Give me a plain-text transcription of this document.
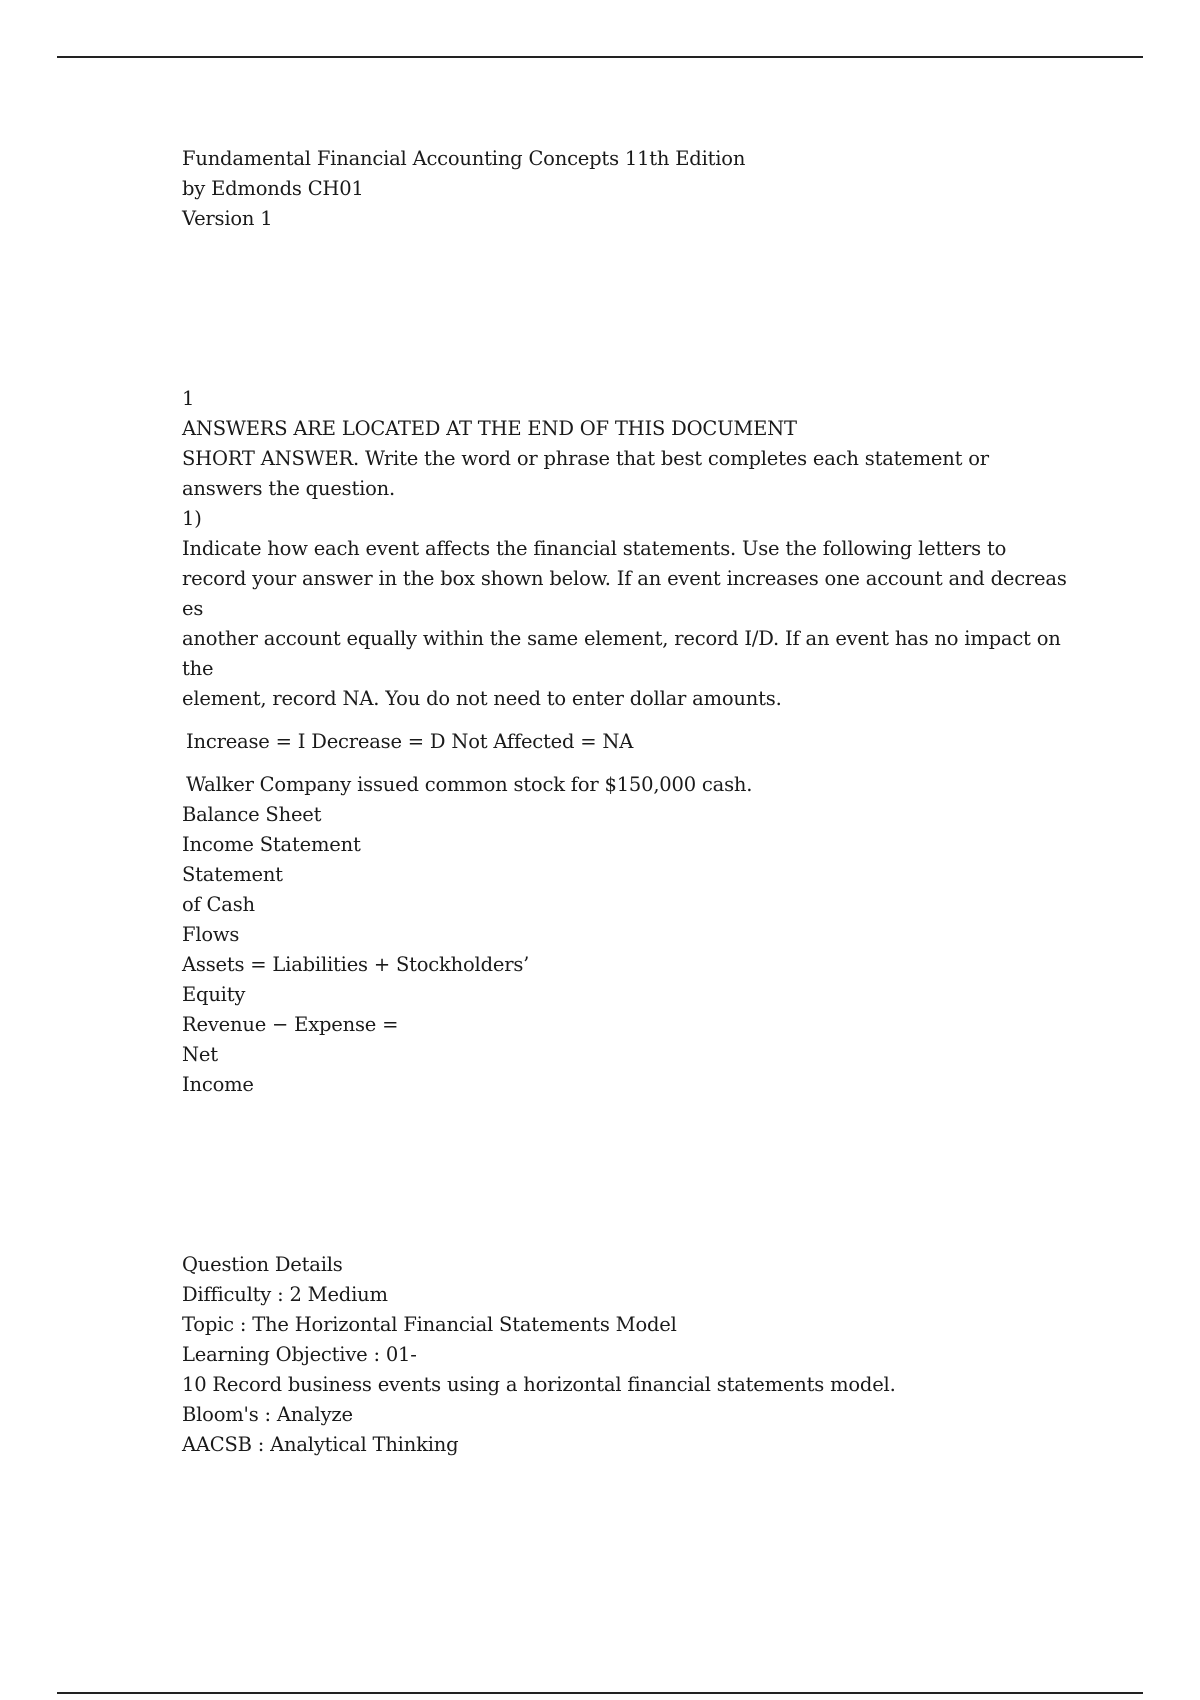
Fundamental Financial Accounting Concepts 11th Edition
by Edmonds CH01
Version 1
1
ANSWERS ARE LOCATED AT THE END OF THIS DOCUMENT
SHORT ANSWER. Write the word or phrase that best completes each statement or
answers the question.
1)
Indicate how each event affects the financial statements. Use the following letters to
record your answer in the box shown below. If an event increases one account and decreas
es
another account equally within the same element, record I/D. If an event has no impact on
the
element, record NA. You do not need to enter dollar amounts.
Increase = I Decrease = D Not Affected = NA
Walker Company issued common stock for $150,000 cash.
Balance Sheet
Income Statement
Statement
of Cash
Flows
Assets = Liabilities + Stockholders’
Equity
Revenue − Expense =
Net
Income
Question Details
Difficulty : 2 Medium
Topic : The Horizontal Financial Statements Model
Learning Objective : 01-
10 Record business events using a horizontal financial statements model.
Bloom's : Analyze
AACSB : Analytical Thinking
